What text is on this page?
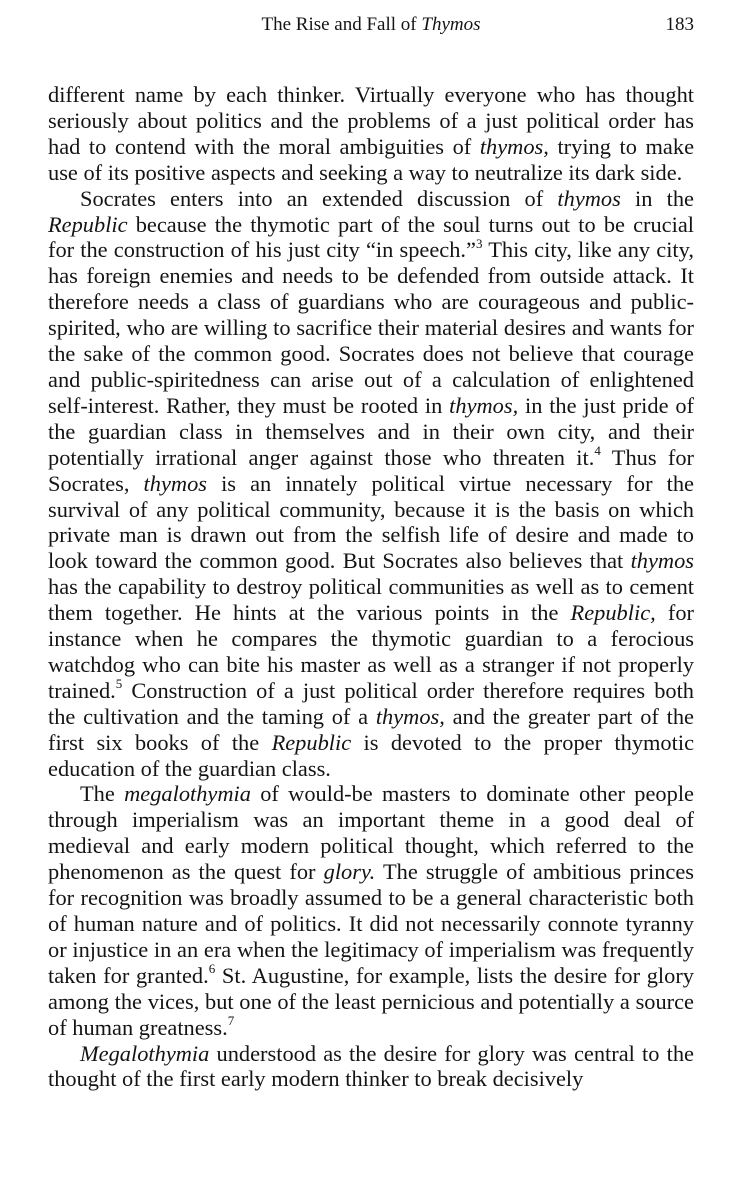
The Rise and Fall of Thymos	183

different name by each thinker. Virtually everyone who has thought seriously about politics and the problems of a just political order has had to contend with the moral ambiguities of thymos, trying to make use of its positive aspects and seeking a way to neutralize its dark side.

Socrates enters into an extended discussion of thymos in the Republic because the thymotic part of the soul turns out to be crucial for the construction of his just city “in speech.”$^3$ This city, like any city, has foreign enemies and needs to be defended from outside attack. It therefore needs a class of guardians who are courageous and public-spirited, who are willing to sacrifice their material desires and wants for the sake of the common good. Socrates does not believe that courage and public-spiritedness can arise out of a calculation of enlightened self-interest. Rather, they must be rooted in thymos, in the just pride of the guardian class in themselves and in their own city, and their potentially irrational anger against those who threaten it.$^4$ Thus for Socrates, thymos is an innately political virtue necessary for the survival of any political community, because it is the basis on which private man is drawn out from the selfish life of desire and made to look toward the common good. But Socrates also believes that thymos has the capability to destroy political communities as well as to cement them together. He hints at the various points in the Republic, for instance when he compares the thymotic guardian to a ferocious watchdog who can bite his master as well as a stranger if not properly trained.$^5$ Construction of a just political order therefore requires both the cultivation and the taming of a thymos, and the greater part of the first six books of the Republic is devoted to the proper thymotic education of the guardian class.

The megalothymia of would-be masters to dominate other people through imperialism was an important theme in a good deal of medieval and early modern political thought, which referred to the phenomenon as the quest for glory. The struggle of ambitious princes for recognition was broadly assumed to be a general characteristic both of human nature and of politics. It did not necessarily connote tyranny or injustice in an era when the legitimacy of imperialism was frequently taken for granted.$^6$ St. Augustine, for example, lists the desire for glory among the vices, but one of the least pernicious and potentially a source of human greatness.$^7$

Megalothymia understood as the desire for glory was central to the thought of the first early modern thinker to break decisively
